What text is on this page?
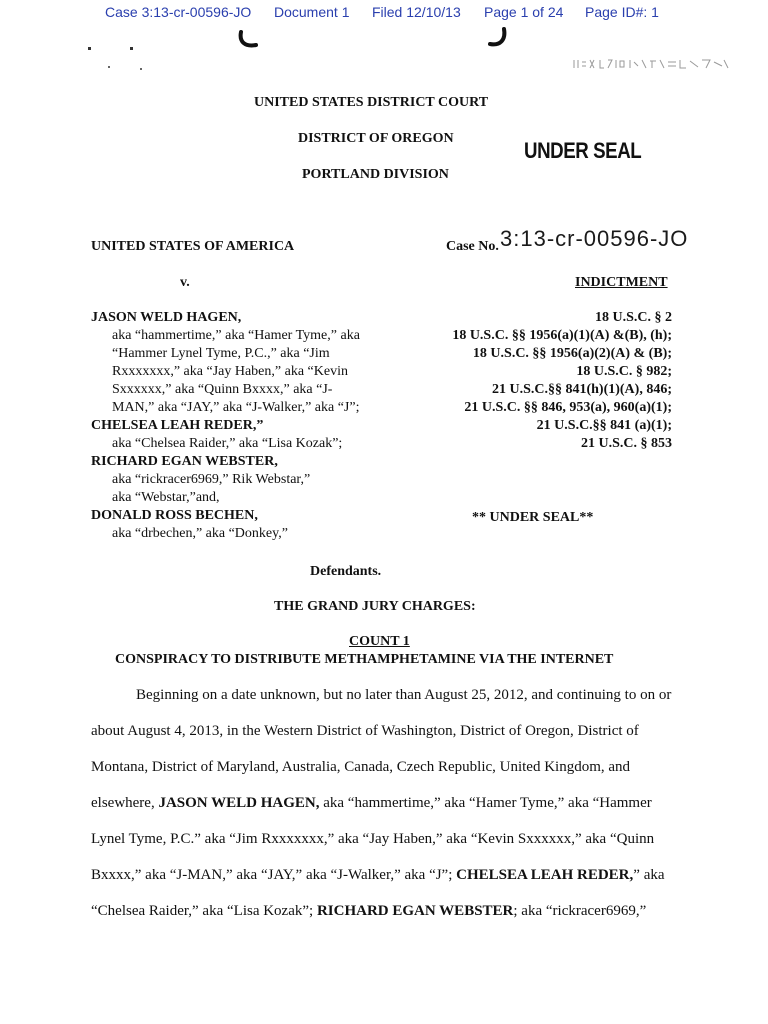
Case 3:13-cr-00596-JO Document 1 Filed 12/10/13 Page 1 of 24 Page ID#: 1
UNITED STATES DISTRICT COURT
DISTRICT OF OREGON
PORTLAND DIVISION
UNDER SEAL
UNITED STATES OF AMERICA	Case No. 3:13-cr-00596-JO
v.	INDICTMENT
JASON WELD HAGEN,
aka “hammertime,” aka “Hamer Tyme,” aka
“Hammer Lynel Tyme, P.C.,” aka “Jim
Rxxxxxxx,” aka “Jay Haben,” aka “Kevin
Sxxxxxx,” aka “Quinn Bxxxx,” aka “J-
MAN,” aka “JAY,” aka “J-Walker,” aka “J”;
CHELSEA LEAH REDER,”
aka “Chelsea Raider,” aka “Lisa Kozak”;
RICHARD EGAN WEBSTER,
aka “rickracer6969,” Rik Webstar,”
aka “Webstar,”and,
DONALD ROSS BECHEN,
aka “drbechen,” aka “Donkey,”
18 U.S.C. § 2
18 U.S.C. §§ 1956(a)(1)(A) &(B), (h);
18 U.S.C. §§ 1956(a)(2)(A) & (B);
18 U.S.C. § 982;
21 U.S.C.§§ 841(h)(1)(A), 846;
21 U.S.C. §§ 846, 953(a), 960(a)(1);
21 U.S.C.§§ 841 (a)(1);
21 U.S.C. § 853
** UNDER SEAL**
Defendants.
THE GRAND JURY CHARGES:
COUNT 1
CONSPIRACY TO DISTRIBUTE METHAMPHETAMINE VIA THE INTERNET
Beginning on a date unknown, but no later than August 25, 2012, and continuing to on or
about August 4, 2013, in the Western District of Washington, District of Oregon, District of
Montana, District of Maryland, Australia, Canada, Czech Republic, United Kingdom, and
elsewhere, JASON WELD HAGEN, aka “hammertime,” aka “Hamer Tyme,” aka “Hammer
Lynel Tyme, P.C.” aka “Jim Rxxxxxxx,” aka “Jay Haben,” aka “Kevin Sxxxxxx,” aka “Quinn
Bxxxx,” aka “J-MAN,” aka “JAY,” aka “J-Walker,” aka “J”; CHELSEA LEAH REDER,” aka
“Chelsea Raider,” aka “Lisa Kozak”; RICHARD EGAN WEBSTER; aka “rickracer6969,”
